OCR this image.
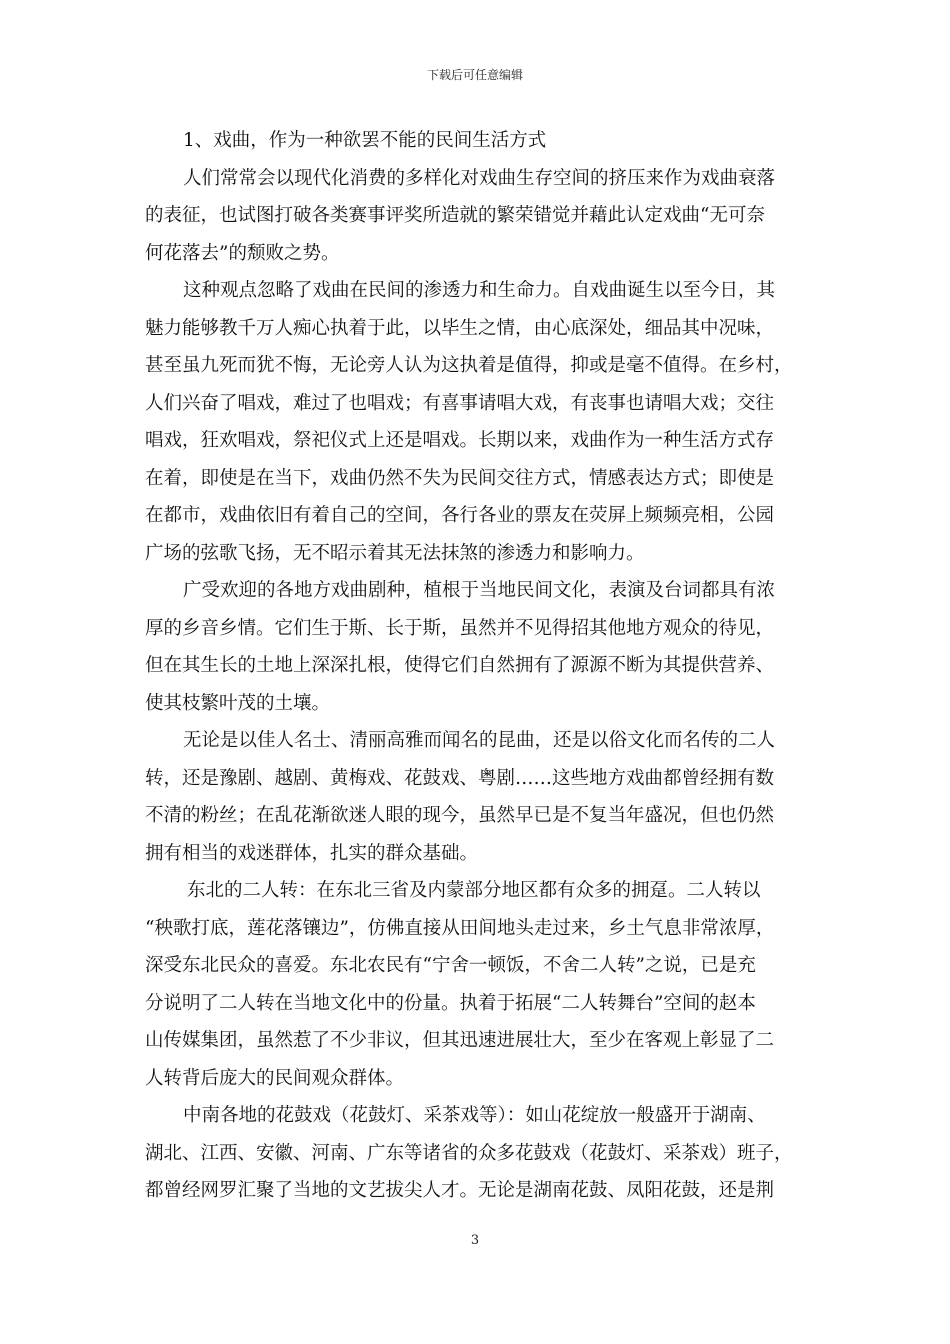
下载后可任意编辑
1、戏曲，作为一种欲罢不能的民间生活方式
人们常常会以现代化消费的多样化对戏曲生存空间的挤压来作为戏曲衰落
的表征，也试图打破各类赛事评奖所造就的繁荣错觉并藉此认定戏曲“无可奈
何花落去”的颓败之势。
这种观点忽略了戏曲在民间的渗透力和生命力。自戏曲诞生以至今日，其
魅力能够教千万人痴心执着于此，以毕生之情，由心底深处，细品其中况味，
甚至虽九死而犹不悔，无论旁人认为这执着是值得，抑或是毫不值得。在乡村，
人们兴奋了唱戏，难过了也唱戏；有喜事请唱大戏，有丧事也请唱大戏；交往
唱戏，狂欢唱戏，祭祀仪式上还是唱戏。长期以来，戏曲作为一种生活方式存
在着，即使是在当下，戏曲仍然不失为民间交往方式，情感表达方式；即使是
在都市，戏曲依旧有着自己的空间，各行各业的票友在荧屏上频频亮相，公园
广场的弦歌飞扬，无不昭示着其无法抹煞的渗透力和影响力。
广受欢迎的各地方戏曲剧种，植根于当地民间文化，表演及台词都具有浓
厚的乡音乡情。它们生于斯、长于斯，虽然并不见得招其他地方观众的待见，
但在其生长的土地上深深扎根，使得它们自然拥有了源源不断为其提供营养、
使其枝繁叶茂的土壤。
无论是以佳人名士、清丽高雅而闻名的昆曲，还是以俗文化而名传的二人
转，还是豫剧、越剧、黄梅戏、花鼓戏、粤剧……这些地方戏曲都曾经拥有数
不清的粉丝；在乱花渐欲迷人眼的现今，虽然早已是不复当年盛况，但也仍然
拥有相当的戏迷群体，扎实的群众基础。
东北的二人转：在东北三省及内蒙部分地区都有众多的拥趸。二人转以
“秧歌打底，莲花落镶边”，仿佛直接从田间地头走过来，乡土气息非常浓厚，
深受东北民众的喜爱。东北农民有“宁舍一顿饭，不舍二人转”之说，已是充
分说明了二人转在当地文化中的份量。执着于拓展“二人转舞台”空间的赵本
山传媒集团，虽然惹了不少非议，但其迅速进展壮大，至少在客观上彰显了二
人转背后庞大的民间观众群体。
中南各地的花鼓戏（花鼓灯、采茶戏等）：如山花绽放一般盛开于湖南、
湖北、江西、安徽、河南、广东等诸省的众多花鼓戏（花鼓灯、采茶戏）班子，
都曾经网罗汇聚了当地的文艺拔尖人才。无论是湖南花鼓、凤阳花鼓，还是荆
3
